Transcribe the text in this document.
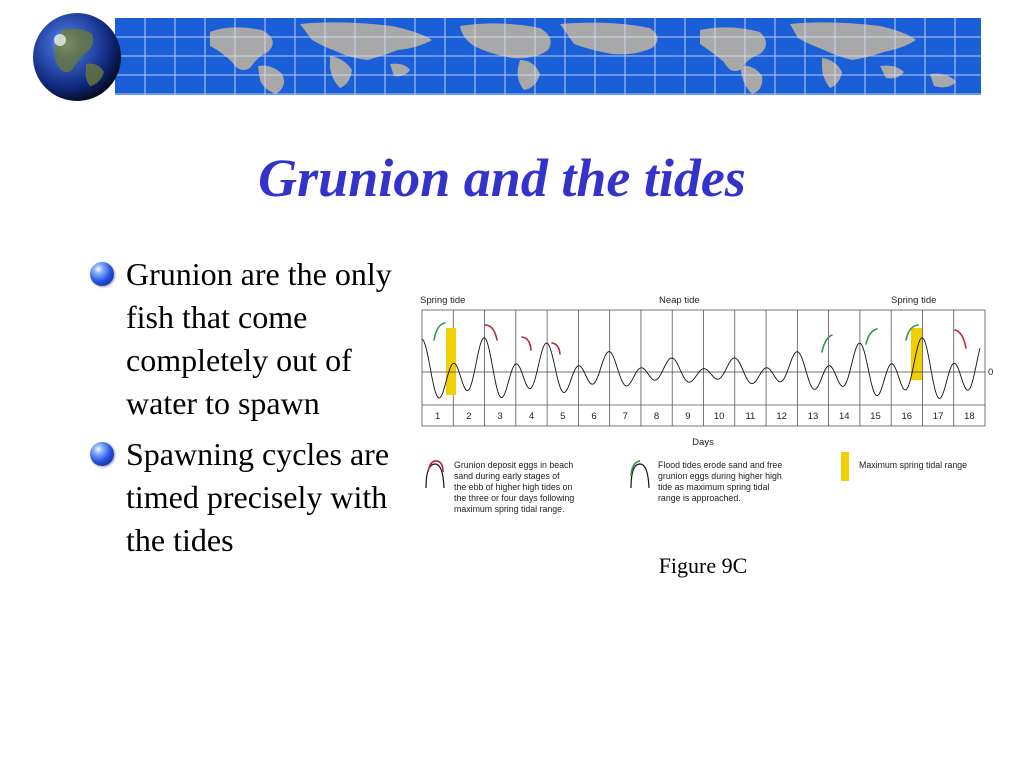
Grunion and the tides
Grunion are the only fish that come completely out of water to spawn
Spawning cycles are timed precisely with the tides
Spring tide	Neap tide	Spring tide
0
1	2	3	4	5	6	7	8	9 10 11 12 13 14 15 16 17 18
Days
Grunion deposit eggs in beach
sand during early stages of
the ebb of higher high tides on
the three or four days following
maximum spring tidal range.
Flood tides erode sand and free
grunion eggs during higher high
tide as maximum spring tidal
range is approached.
Maximum spring tidal range
Figure 9C
